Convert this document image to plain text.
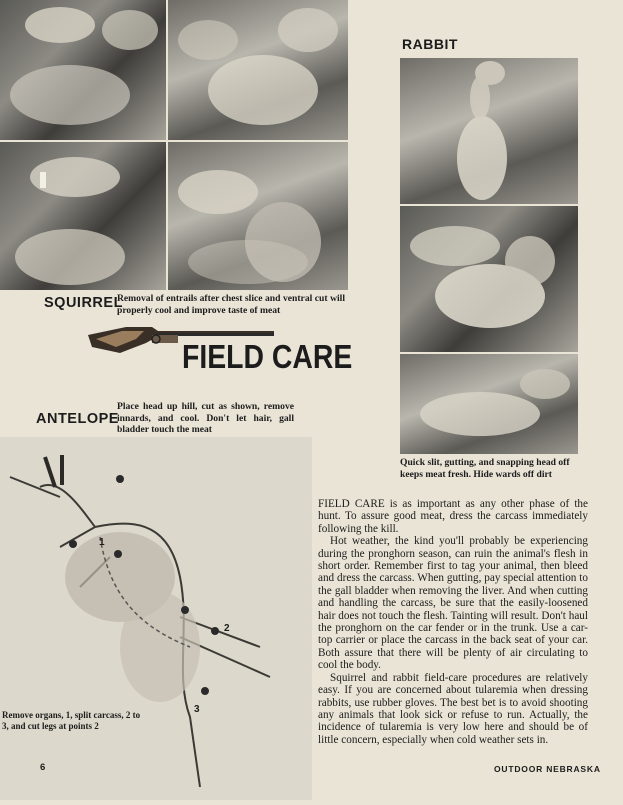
RABBIT
Quick slit, gutting, and snapping head off keeps meat fresh. Hide wards off dirt
SQUIRREL
Removal of entrails after chest slice and ventral cut will properly cool and improve taste of meat
FIELD CARE
ANTELOPE
Place head up hill, cut as shown, remove innards, and cool. Don't let hair, gall bladder touch the meat
1
2
3
Remove organs, 1, split carcass, 2 to 3, and cut legs at points 2

FIELD CARE is as important as any other phase of the hunt. To assure good meat, dress the carcass immediately following the kill.

Hot weather, the kind you'll probably be experiencing during the pronghorn season, can ruin the animal's flesh in short order. Remember first to tag your animal, then bleed and dress the carcass. When gutting, pay special attention to the gall bladder when removing the liver. And when cutting and handling the carcass, be sure that the easily-loosened hair does not touch the flesh. Tainting will result. Don't haul the pronghorn on the car fender or in the trunk. Use a car-top carrier or place the carcass in the back seat of your car. Both assure that there will be plenty of air circulating to cool the body.

Squirrel and rabbit field-care procedures are relatively easy. If you are concerned about tularemia when dressing rabbits, use rubber gloves. The best bet is to avoid shooting any animals that look sick or refuse to run. Actually, the incidence of tularemia is very low here and should be of little concern, especially when cold weather sets in.

6	OUTDOOR NEBRASKA
